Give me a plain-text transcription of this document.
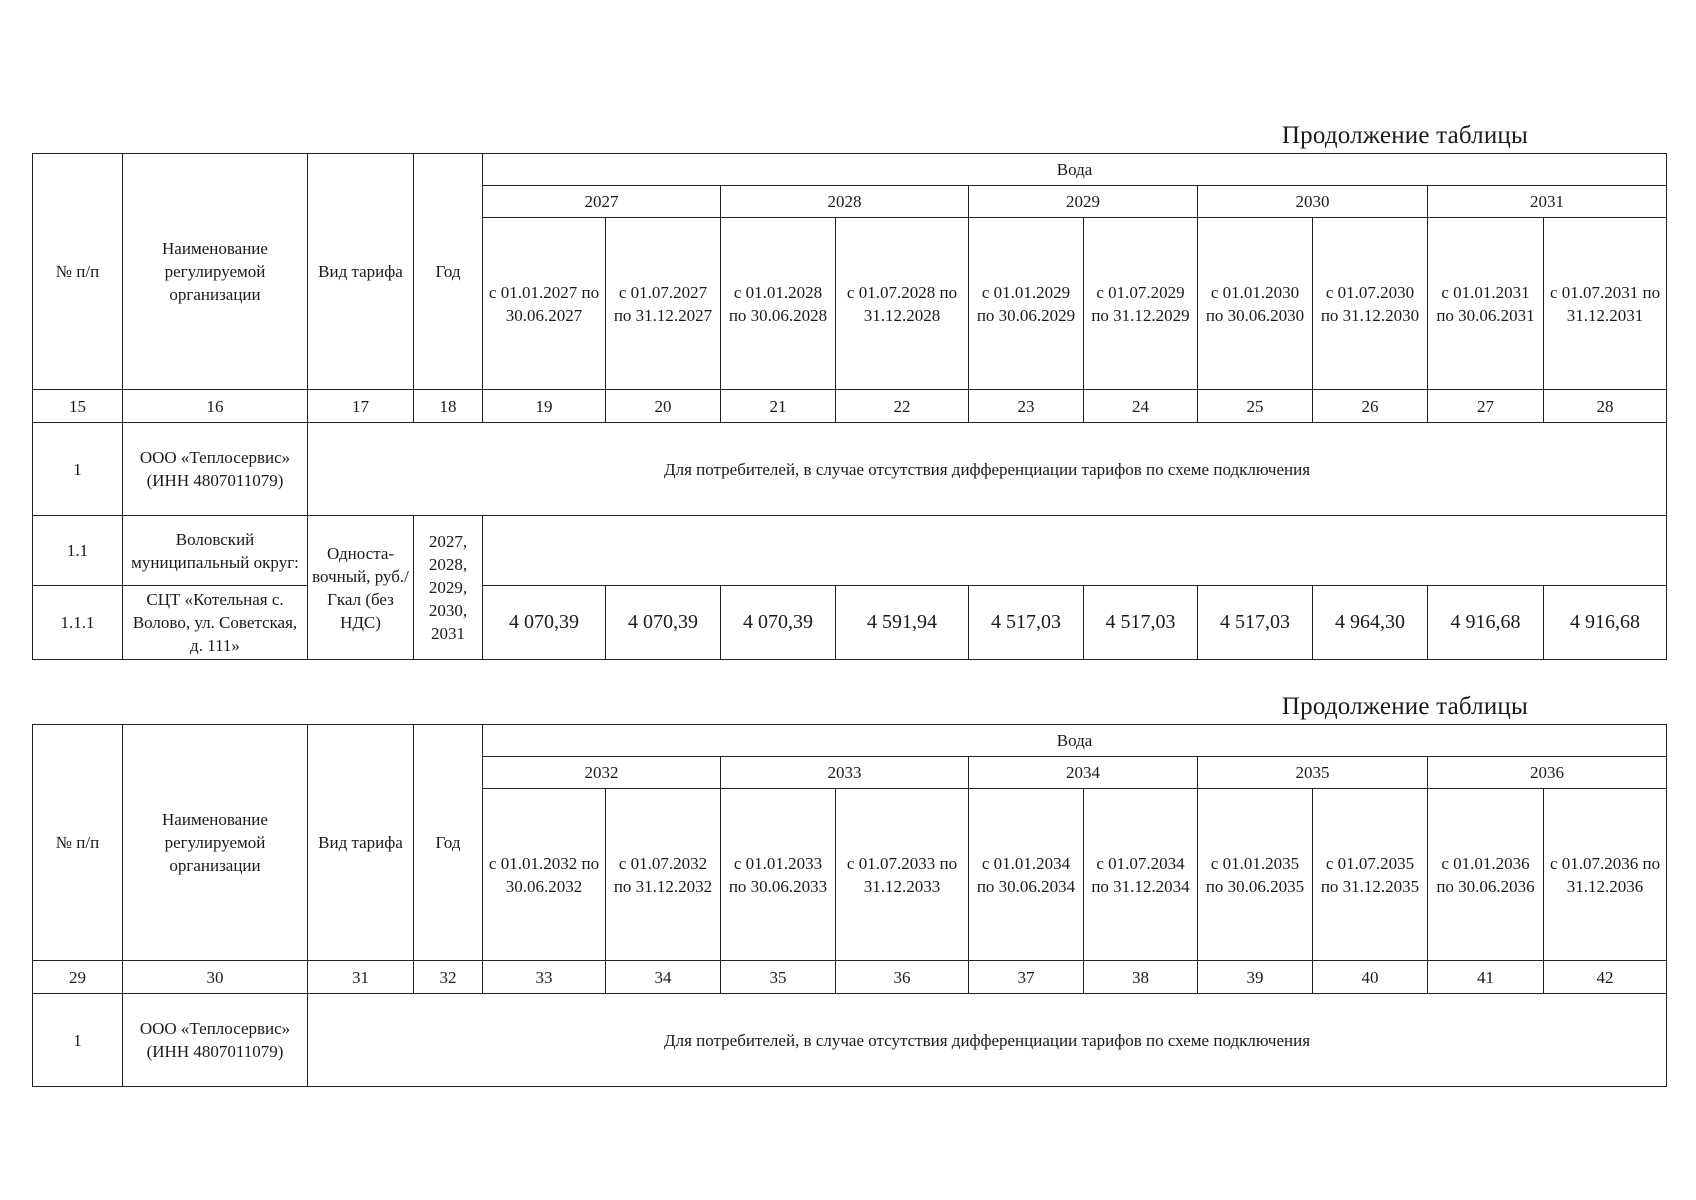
Продолжение таблицы
№ п/п	Наименование регулируемой организации	Вид тарифа	Год	Вода									
				2027		2028		2029		2030		2031	
				с 01.01.2027 по 30.06.2027	с 01.07.2027 по 31.12.2027	с 01.01.2028 по 30.06.2028	с 01.07.2028 по 31.12.2028	с 01.01.2029 по 30.06.2029	с 01.07.2029 по 31.12.2029	с 01.01.2030 по 30.06.2030	с 01.07.2030 по 31.12.2030	с 01.01.2031 по 30.06.2031	с 01.07.2031 по 31.12.2031
15	16	17	18	19	20	21	22	23	24	25	26	27	28
1	ООО «Теплосервис» (ИНН 4807011079)	Для потребителей, в случае отсутствия дифференциации тарифов по схеме подключения											
1.1	Воловский муниципальный округ:	Односта-вочный, руб./Гкал (без НДС)	2027, 2028, 2029, 2030, 2031										
1.1.1	СЦТ «Котельная с. Волово, ул. Советская, д. 111»			4 070,39	4 070,39	4 070,39	4 591,94	4 517,03	4 517,03	4 517,03	4 964,30	4 916,68	4 916,68
Продолжение таблицы
№ п/п	Наименование регулируемой организации	Вид тарифа	Год	Вода									
				2032		2033		2034		2035		2036	
				с 01.01.2032 по 30.06.2032	с 01.07.2032 по 31.12.2032	с 01.01.2033 по 30.06.2033	с 01.07.2033 по 31.12.2033	с 01.01.2034 по 30.06.2034	с 01.07.2034 по 31.12.2034	с 01.01.2035 по 30.06.2035	с 01.07.2035 по 31.12.2035	с 01.01.2036 по 30.06.2036	с 01.07.2036 по 31.12.2036
29	30	31	32	33	34	35	36	37	38	39	40	41	42
1	ООО «Теплосервис» (ИНН 4807011079)	Для потребителей, в случае отсутствия дифференциации тарифов по схеме подключения											
